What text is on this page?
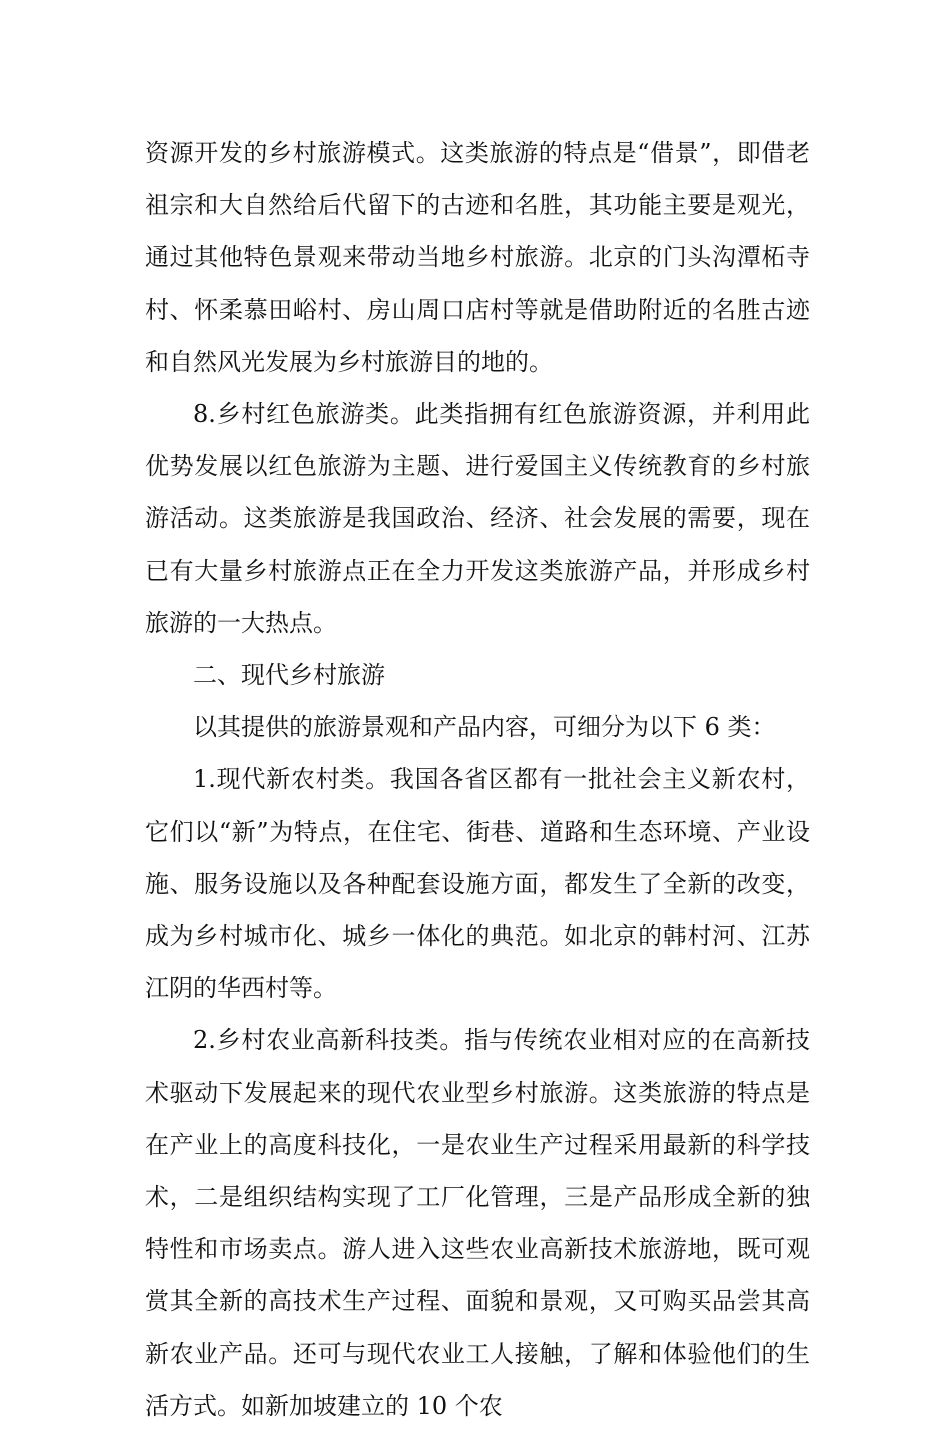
资源开发的乡村旅游模式。这类旅游的特点是“借景”，即借老祖宗和大自然给后代留下的古迹和名胜，其功能主要是观光，通过其他特色景观来带动当地乡村旅游。北京的门头沟潭柘寺村、怀柔慕田峪村、房山周口店村等就是借助附近的名胜古迹和自然风光发展为乡村旅游目的地的。

8.乡村红色旅游类。此类指拥有红色旅游资源，并利用此优势发展以红色旅游为主题、进行爱国主义传统教育的乡村旅游活动。这类旅游是我国政治、经济、社会发展的需要，现在已有大量乡村旅游点正在全力开发这类旅游产品，并形成乡村旅游的一大热点。

二、现代乡村旅游

以其提供的旅游景观和产品内容，可细分为以下 6 类：

1.现代新农村类。我国各省区都有一批社会主义新农村，它们以“新”为特点，在住宅、街巷、道路和生态环境、产业设施、服务设施以及各种配套设施方面，都发生了全新的改变，成为乡村城市化、城乡一体化的典范。如北京的韩村河、江苏江阴的华西村等。

2.乡村农业高新科技类。指与传统农业相对应的在高新技术驱动下发展起来的现代农业型乡村旅游。这类旅游的特点是在产业上的高度科技化，一是农业生产过程采用最新的科学技术，二是组织结构实现了工厂化管理，三是产品形成全新的独特性和市场卖点。游人进入这些农业高新技术旅游地，既可观赏其全新的高技术生产过程、面貌和景观，又可购买品尝其高新农业产品。还可与现代农业工人接触，了解和体验他们的生活方式。如新加坡建立的 10 个农
